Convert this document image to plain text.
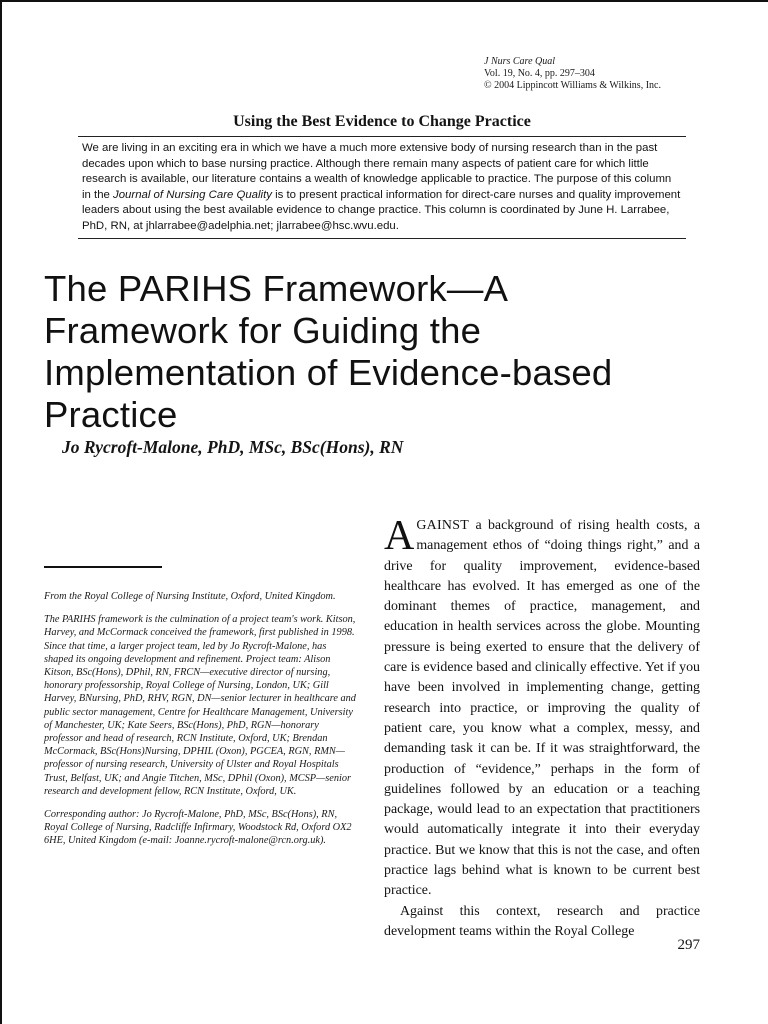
J Nurs Care Qual
Vol. 19, No. 4, pp. 297–304
© 2004 Lippincott Williams & Wilkins, Inc.
Using the Best Evidence to Change Practice
We are living in an exciting era in which we have a much more extensive body of nursing research than in the past decades upon which to base nursing practice. Although there remain many aspects of patient care for which little research is available, our literature contains a wealth of knowledge applicable to practice. The purpose of this column in the Journal of Nursing Care Quality is to present practical information for direct-care nurses and quality improvement leaders about using the best available evidence to change practice. This column is coordinated by June H. Larrabee, PhD, RN, at jhlarrabee@adelphia.net; jlarrabee@hsc.wvu.edu.
The PARIHS Framework—A Framework for Guiding the Implementation of Evidence-based Practice
Jo Rycroft-Malone, PhD, MSc, BSc(Hons), RN

From the Royal College of Nursing Institute, Oxford, United Kingdom.

The PARIHS framework is the culmination of a project team's work. Kitson, Harvey, and McCormack conceived the framework, first published in 1998. Since that time, a larger project team, led by Jo Rycroft-Malone, has shaped its ongoing development and refinement. Project team: Alison Kitson, BSc(Hons), DPhil, RN, FRCN—executive director of nursing, honorary professorship, Royal College of Nursing, London, UK; Gill Harvey, BNursing, PhD, RHV, RGN, DN—senior lecturer in healthcare and public sector management, Centre for Healthcare Management, University of Manchester, UK; Kate Seers, BSc(Hons), PhD, RGN—honorary professor and head of research, RCN Institute, Oxford, UK; Brendan McCormack, BSc(Hons)Nursing, DPHIL (Oxon), PGCEA, RGN, RMN—professor of nursing research, University of Ulster and Royal Hospitals Trust, Belfast, UK; and Angie Titchen, MSc, DPhil (Oxon), MCSP—senior research and development fellow, RCN Institute, Oxford, UK.

Corresponding author: Jo Rycroft-Malone, PhD, MSc, BSc(Hons), RN, Royal College of Nursing, Radcliffe Infirmary, Woodstock Rd, Oxford OX2 6HE, United Kingdom (e-mail: Joanne.rycroft-malone@rcn.org.uk).

AGAINST a background of rising health costs, a management ethos of “doing things right,” and a drive for quality improvement, evidence-based healthcare has evolved. It has emerged as one of the dominant themes of practice, management, and education in health services across the globe. Mounting pressure is being exerted to ensure that the delivery of care is evidence based and clinically effective. Yet if you have been involved in implementing change, getting research into practice, or improving the quality of patient care, you know what a complex, messy, and demanding task it can be. If it was straightforward, the production of “evidence,” perhaps in the form of guidelines followed by an education or a teaching package, would lead to an expectation that practitioners would automatically integrate it into their everyday practice. But we know that this is not the case, and often practice lags behind what is known to be current best practice.

Against this context, research and practice development teams within the Royal College

297
